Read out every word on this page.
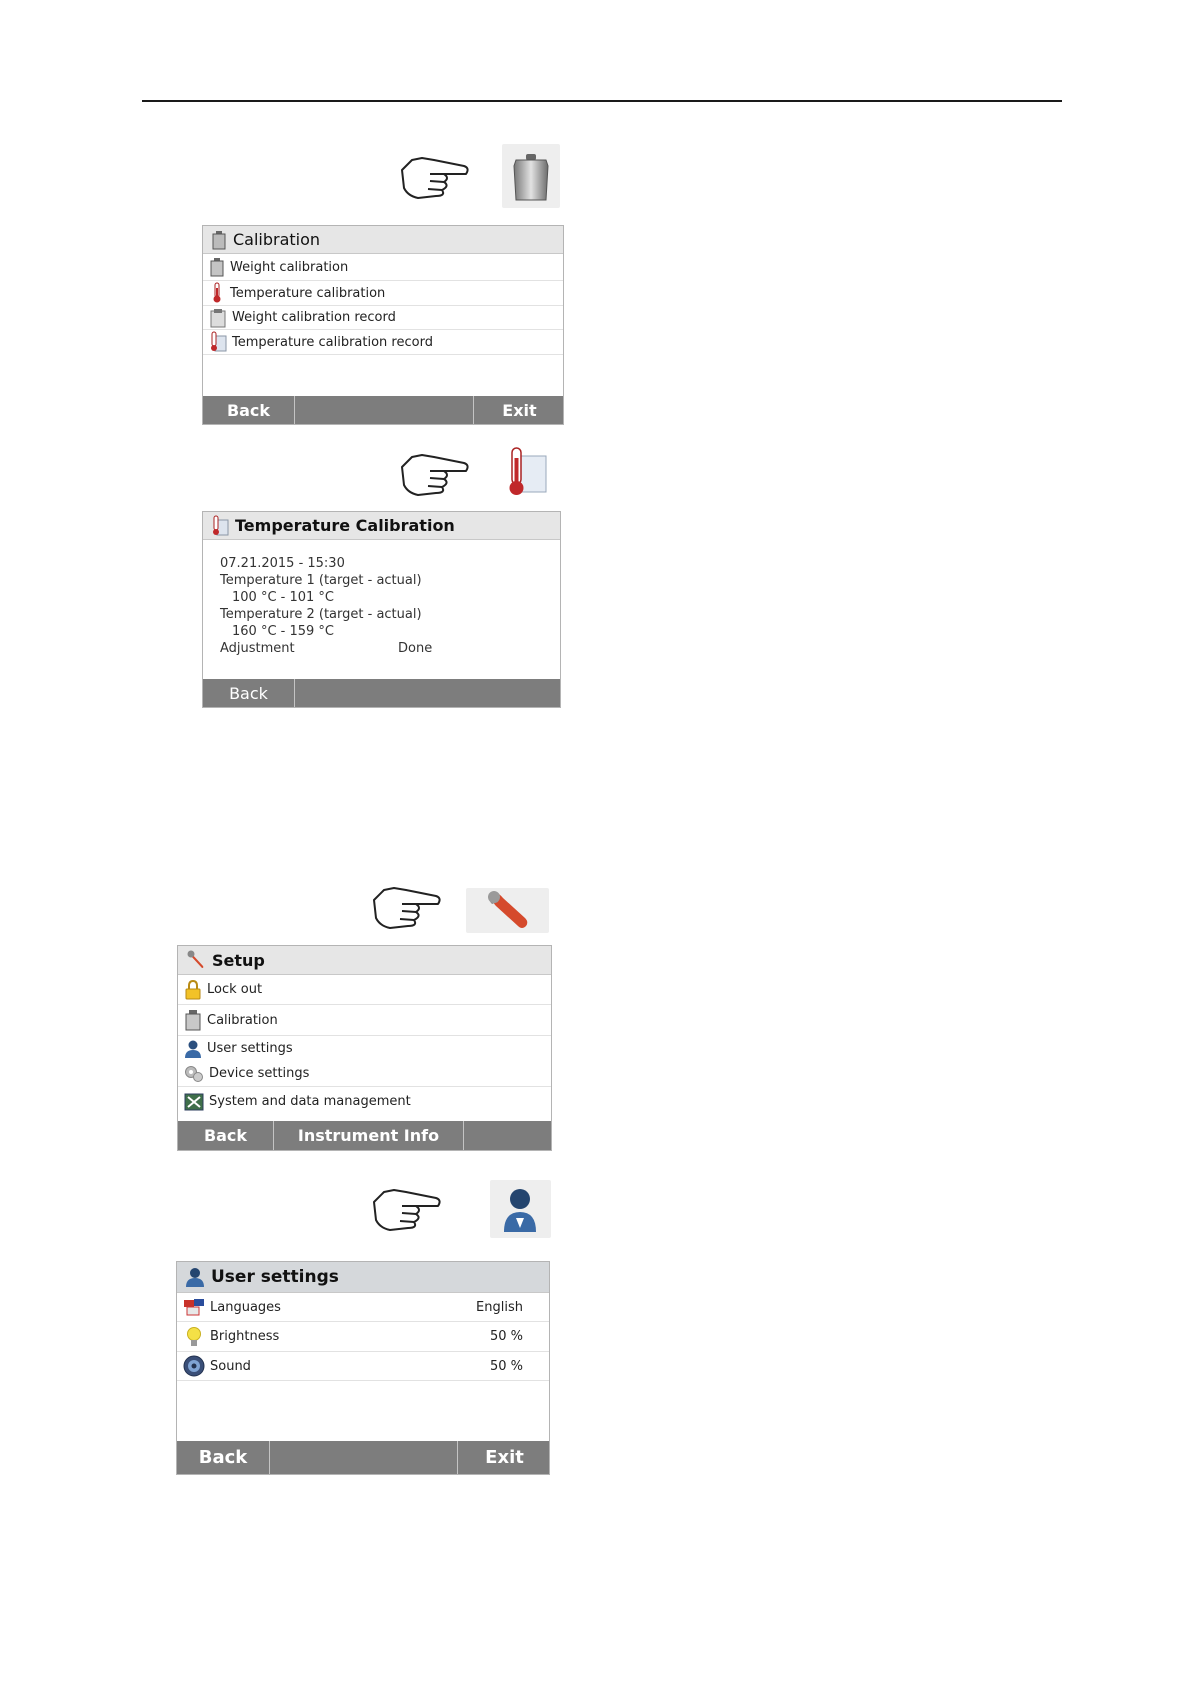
Calibration
Weight calibration
Temperature calibration
Weight calibration record
Temperature calibration record
Back	Exit
Temperature Calibration
07.21.2015 - 15:30
Temperature 1 (target - actual)
100 °C - 101 °C
Temperature 2 (target - actual)
160 °C - 159 °C
Adjustment	Done
Back
Setup
Lock out
Calibration
User settings
Device settings
System and data management
Back	Instrument Info
User settings
Languages	English
Brightness	50 %
Sound	50 %
Back	Exit
